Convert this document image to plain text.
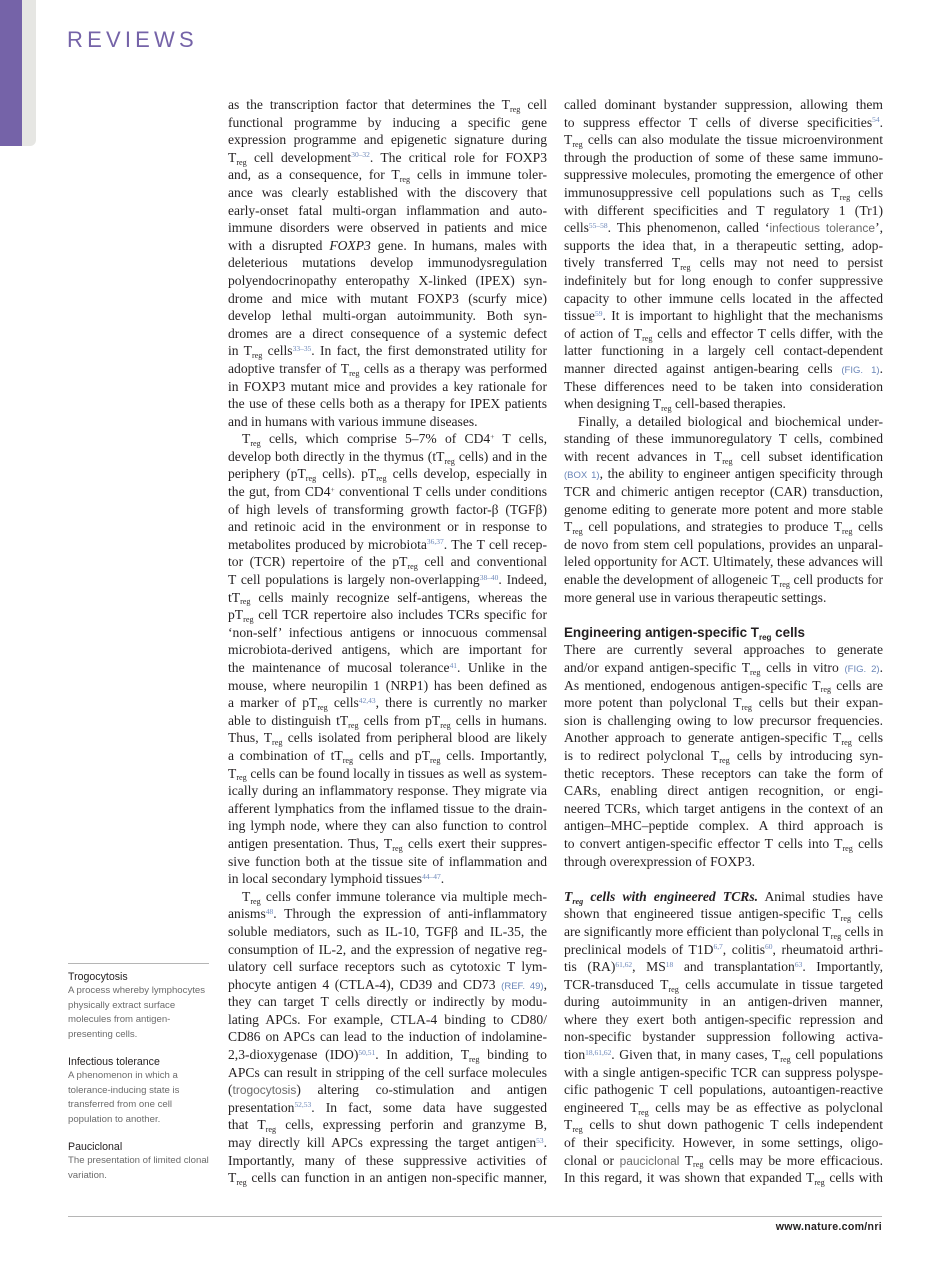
REVIEWS
as the transcription factor that determines the $T_{reg}$ cell
functional programme by inducing a specific gene
expression programme and epigenetic signature during
$T_{reg}$ cell development$^{30-32}$. The critical role for FOXP3
and, as a consequence, for $T_{reg}$ cells in immune toler-
ance was clearly established with the discovery that
early-onset fatal multi-organ inflammation and auto-
immune disorders were observed in patients and mice
with a disrupted FOXP3 gene. In humans, males with
deleterious mutations develop immunodysregulation
polyendocrinopathy enteropathy X-linked (IPEX) syn-
drome and mice with mutant FOXP3 (scurfy mice)
develop lethal multi-organ autoimmunity. Both syn-
dromes are a direct consequence of a systemic defect
in $T_{reg}$ cells$^{33-35}$. In fact, the first demonstrated utility for
adoptive transfer of $T_{reg}$ cells as a therapy was performed
in FOXP3 mutant mice and provides a key rationale for
the use of these cells both as a therapy for IPEX patients
and in humans with various immune diseases.
$T_{reg}$ cells, which comprise 5–7% of CD4+ T cells,
develop both directly in the thymus ($tT_{reg}$ cells) and in the
periphery ($pT_{reg}$ cells). $pT_{reg}$ cells develop, especially in
the gut, from CD4+ conventional T cells under conditions
of high levels of transforming growth factor-β (TGFβ)
and retinoic acid in the environment or in response to
metabolites produced by microbiota$^{36,37}$. The T cell recep-
tor (TCR) repertoire of the $pT_{reg}$ cell and conventional
T cell populations is largely non-overlapping$^{38-40}$. Indeed,
$tT_{reg}$ cells mainly recognize self-antigens, whereas the
$pT_{reg}$ cell TCR repertoire also includes TCRs specific for
‘non-self’ infectious antigens or innocuous commensal
microbiota-derived antigens, which are important for
the maintenance of mucosal tolerance$^{41}$. Unlike in the
mouse, where neuropilin 1 (NRP1) has been defined as
a marker of $pT_{reg}$ cells$^{42,43}$, there is currently no marker
able to distinguish $tT_{reg}$ cells from $pT_{reg}$ cells in humans.
Thus, $T_{reg}$ cells isolated from peripheral blood are likely
a combination of $tT_{reg}$ cells and $pT_{reg}$ cells. Importantly,
$T_{reg}$ cells can be found locally in tissues as well as system-
ically during an inflammatory response. They migrate via
afferent lymphatics from the inflamed tissue to the drain-
ing lymph node, where they can also function to control
antigen presentation. Thus, $T_{reg}$ cells exert their suppres-
sive function both at the tissue site of inflammation and
in local secondary lymphoid tissues$^{44-47}$.
$T_{reg}$ cells confer immune tolerance via multiple mech-
anisms$^{48}$. Through the expression of anti-inflammatory
soluble mediators, such as IL-10, TGFβ and IL-35, the
consumption of IL-2, and the expression of negative reg-
ulatory cell surface receptors such as cytotoxic T lym-
phocyte antigen 4 (CTLA-4), CD39 and CD73 (REF. 49),
they can target T cells directly or indirectly by modu-
lating APCs. For example, CTLA-4 binding to CD80/
CD86 on APCs can lead to the induction of indolamine-
2,3-dioxygenase (IDO)$^{50,51}$. In addition, $T_{reg}$ binding to
APCs can result in stripping of the cell surface molecules
(trogocytosis) altering co-stimulation and antigen
presentation$^{52,53}$. In fact, some data have suggested
that $T_{reg}$ cells, expressing perforin and granzyme B,
may directly kill APCs expressing the target antigen$^{53}$.
Importantly, many of these suppressive activities of
$T_{reg}$ cells can function in an antigen non-specific manner,
called dominant bystander suppression, allowing them
to suppress effector T cells of diverse specificities$^{54}$.
$T_{reg}$ cells can also modulate the tissue microenvironment
through the production of some of these same immuno-
suppressive molecules, promoting the emergence of other
immunosuppressive cell populations such as $T_{reg}$ cells
with different specificities and T regulatory 1 (Tr1)
cells$^{55-58}$. This phenomenon, called ‘infectious tolerance’,
supports the idea that, in a therapeutic setting, adop-
tively transferred $T_{reg}$ cells may not need to persist
indefinitely but for long enough to confer suppressive
capacity to other immune cells located in the affected
tissue$^{59}$. It is important to highlight that the mechanisms
of action of $T_{reg}$ cells and effector T cells differ, with the
latter functioning in a largely cell contact-dependent
manner directed against antigen-bearing cells (FIG. 1).
These differences need to be taken into consideration
when designing $T_{reg}$ cell-based therapies.
Finally, a detailed biological and biochemical under-
standing of these immunoregulatory T cells, combined
with recent advances in $T_{reg}$ cell subset identification
(BOX 1), the ability to engineer antigen specificity through
TCR and chimeric antigen receptor (CAR) transduction,
genome editing to generate more potent and more stable
$T_{reg}$ cell populations, and strategies to produce $T_{reg}$ cells
de novo from stem cell populations, provides an unparal-
leled opportunity for ACT. Ultimately, these advances will
enable the development of allogeneic $T_{reg}$ cell products for
more general use in various therapeutic settings.
Engineering antigen-specific $T_{reg}$ cells
There are currently several approaches to generate
and/or expand antigen-specific $T_{reg}$ cells in vitro (FIG. 2).
As mentioned, endogenous antigen-specific $T_{reg}$ cells are
more potent than polyclonal $T_{reg}$ cells but their expan-
sion is challenging owing to low precursor frequencies.
Another approach to generate antigen-specific $T_{reg}$ cells
is to redirect polyclonal $T_{reg}$ cells by introducing syn-
thetic receptors. These receptors can take the form of
CARs, enabling direct antigen recognition, or engi-
neered TCRs, which target antigens in the context of an
antigen–MHC–peptide complex. A third approach is
to convert antigen-specific effector T cells into $T_{reg}$ cells
through overexpression of FOXP3.
$T_{reg}$ cells with engineered TCRs. Animal studies have
shown that engineered tissue antigen-specific $T_{reg}$ cells
are significantly more efficient than polyclonal $T_{reg}$ cells in
preclinical models of $T1D^{6,7}$, colitis$^{60}$, rheumatoid arthri-
tis (RA)$^{61,62}$, MS$^{18}$ and transplantation$^{63}$. Importantly,
TCR-transduced $T_{reg}$ cells accumulate in tissue targeted
during autoimmunity in an antigen-driven manner,
where they exert both antigen-specific repression and
non-specific bystander suppression following activa-
tion$^{18,61,62}$. Given that, in many cases, $T_{reg}$ cell populations
with a single antigen-specific TCR can suppress polyspe-
cific pathogenic T cell populations, autoantigen-reactive
engineered $T_{reg}$ cells may be as effective as polyclonal
$T_{reg}$ cells to shut down pathogenic T cells independent
of their specificity. However, in some settings, oligo-
clonal or pauciclonal $T_{reg}$ cells may be more efficacious.
In this regard, it was shown that expanded $T_{reg}$ cells with
Trogocytosis
A process whereby lymphocytes physically extract surface molecules from antigen-presenting cells.
Infectious tolerance
A phenomenon in which a tolerance-inducing state is transferred from one cell population to another.
Pauciclonal
The presentation of limited clonal variation.
www.nature.com/nri
